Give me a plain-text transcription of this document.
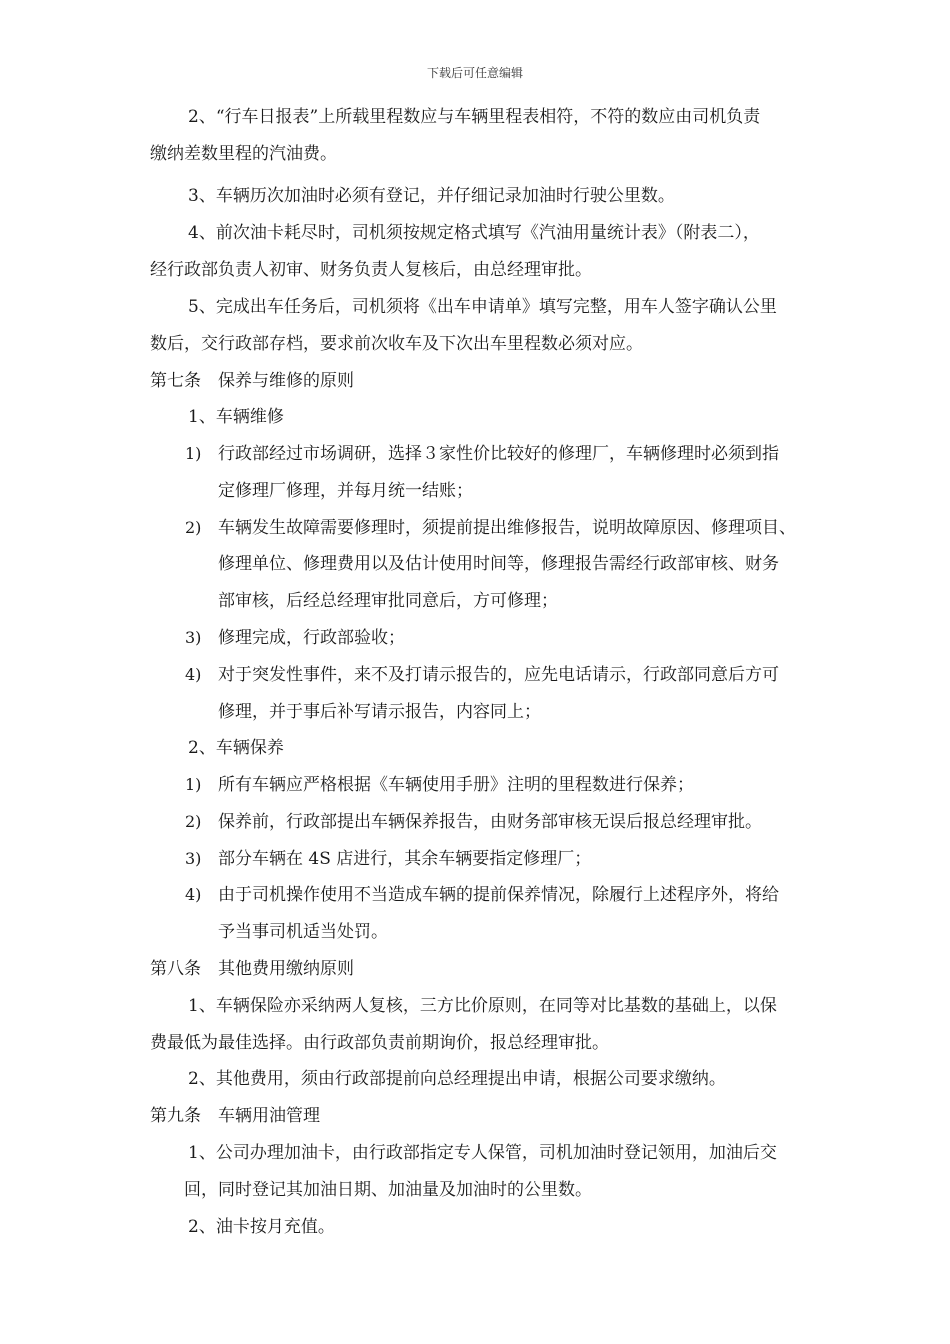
下载后可任意编辑
2、“行车日报表”上所载里程数应与车辆里程表相符，不符的数应由司机负责
缴纳差数里程的汽油费。
3、车辆历次加油时必须有登记，并仔细记录加油时行驶公里数。
4、前次油卡耗尽时，司机须按规定格式填写《汽油用量统计表》（附表二），
经行政部负责人初审、财务负责人复核后，由总经理审批。
5、完成出车任务后，司机须将《出车申请单》填写完整，用车人签字确认公里
数后，交行政部存档，要求前次收车及下次出车里程数必须对应。
第七条　保养与维修的原则
1、车辆维修
1) 行政部经过市场调研，选择３家性价比较好的修理厂，车辆修理时必须到指
定修理厂修理，并每月统一结账；
2) 车辆发生故障需要修理时，须提前提出维修报告，说明故障原因、修理项目、
修理单位、修理费用以及估计使用时间等，修理报告需经行政部审核、财务
部审核，后经总经理审批同意后，方可修理；
3) 修理完成，行政部验收；
4) 对于突发性事件，来不及打请示报告的，应先电话请示，行政部同意后方可
修理，并于事后补写请示报告，内容同上；
2、车辆保养
1) 所有车辆应严格根据《车辆使用手册》注明的里程数进行保养；
2) 保养前，行政部提出车辆保养报告，由财务部审核无误后报总经理审批。
3) 部分车辆在 4S 店进行，其余车辆要指定修理厂；
4) 由于司机操作使用不当造成车辆的提前保养情况，除履行上述程序外，将给
予当事司机适当处罚。
第八条　其他费用缴纳原则
1、车辆保险亦采纳两人复核，三方比价原则，在同等对比基数的基础上，以保
费最低为最佳选择。由行政部负责前期询价，报总经理审批。
2、其他费用，须由行政部提前向总经理提出申请，根据公司要求缴纳。
第九条　车辆用油管理
1、公司办理加油卡，由行政部指定专人保管，司机加油时登记领用，加油后交
回，同时登记其加油日期、加油量及加油时的公里数。
2、油卡按月充值。
